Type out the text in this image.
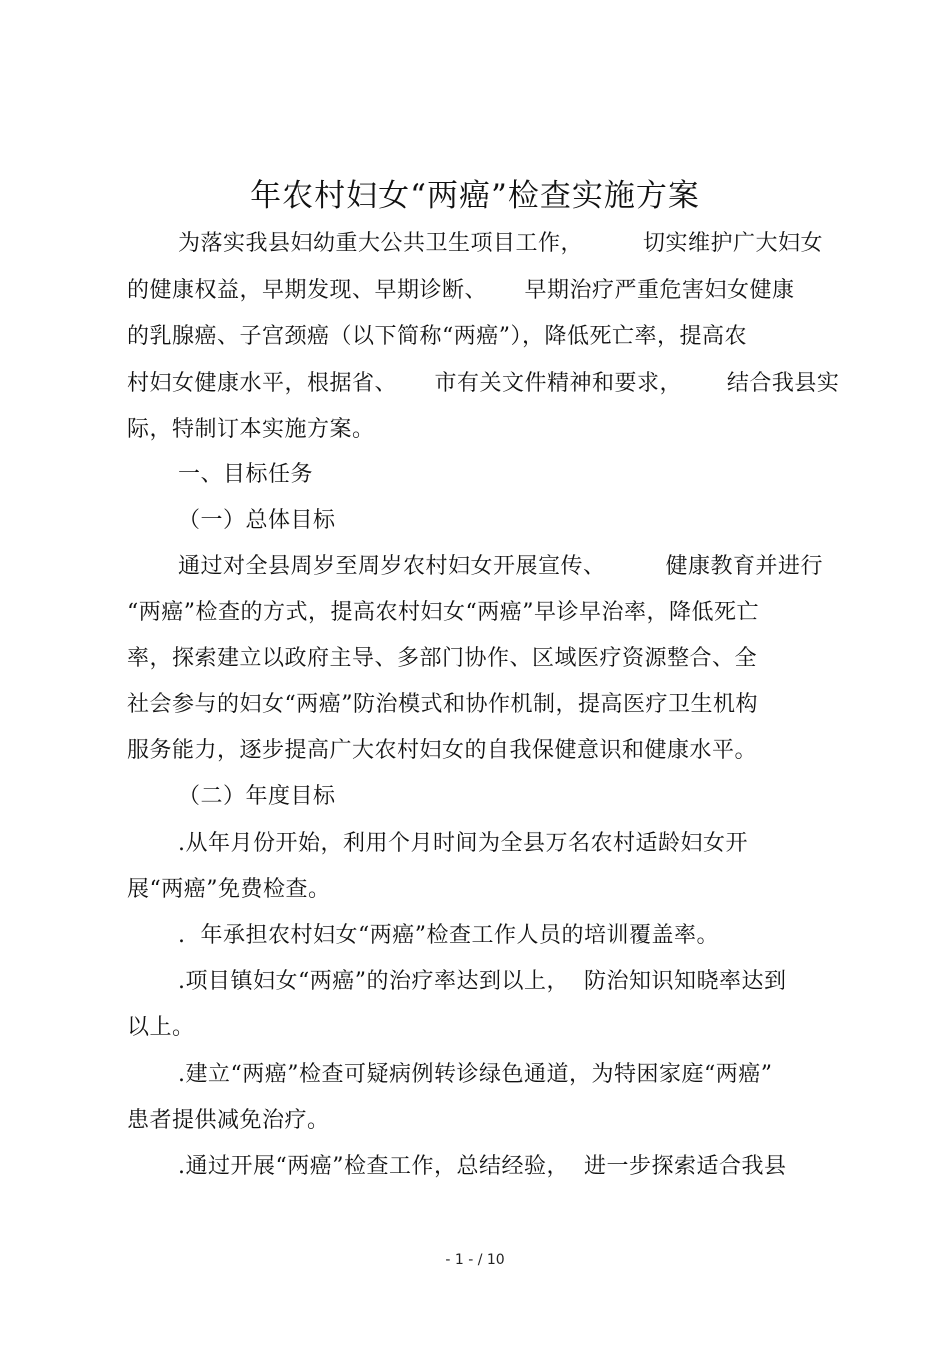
年农村妇女“两癌”检查实施方案
为落实我县妇幼重大公共卫生项目工作，        切实维护广大妇女
的健康权益，早期发现、早期诊断、     早期治疗严重危害妇女健康
的乳腺癌、子宫颈癌（以下简称“两癌”），降低死亡率，提高农
村妇女健康水平，根据省、     市有关文件精神和要求，      结合我县实
际，特制订本实施方案。
一、目标任务
（一）总体目标
通过对全县周岁至周岁农村妇女开展宣传、        健康教育并进行
“两癌”检查的方式，提高农村妇女“两癌”早诊早治率，降低死亡
率，探索建立以政府主导、多部门协作、区域医疗资源整合、全
社会参与的妇女“两癌”防治模式和协作机制，提高医疗卫生机构
服务能力，逐步提高广大农村妇女的自我保健意识和健康水平。
（二）年度目标
.从年月份开始，利用个月时间为全县万名农村适龄妇女开
展“两癌”免费检查。
.  年承担农村妇女“两癌”检查工作人员的培训覆盖率。
.项目镇妇女“两癌”的治疗率达到以上，  防治知识知晓率达到
以上。
.建立“两癌”检查可疑病例转诊绿色通道，为特困家庭“两癌”
患者提供减免治疗。
.通过开展“两癌”检查工作，总结经验，  进一步探索适合我县
- 1 - / 10
